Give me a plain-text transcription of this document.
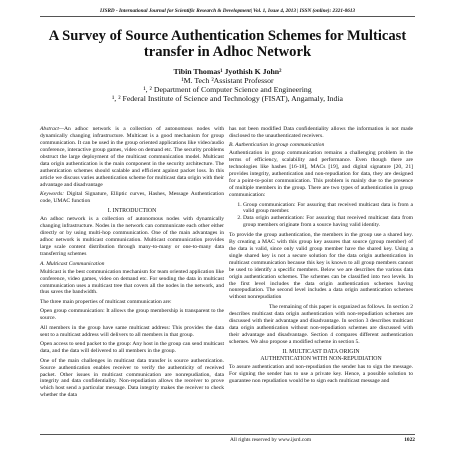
IJSRD - International Journal for Scientific Research & Development| Vol. 1, Issue 4, 2013 | ISSN (online): 2321-0613
A Survey of Source Authentication Schemes for Multicast transfer in Adhoc Network
Tibin Thomas¹ Jyothish K John²
¹M. Tech ²Assistant Professor
¹, ² Department of Computer Science and Engineering
¹, ² Federal Institute of Science and Technology (FISAT), Angamaly, India

Abstract—An adhoc network is a collection of autonomous nodes with dynamically changing infrastructure. Multicast is a good mechanism for group communication. It can be used in the group oriented applications like video/audio conference, interactive group games, video on demand etc. The security problems obstruct the large deployment of the multicast communication model. Multicast data origin authentication is the main component in the security architecture. The authentication schemes should scalable and efficient against packet loss. In this article we discuss varies authentication scheme for multicast data origin with their advantage and disadvantage

Keywords: Digital Signature, Elliptic curves, Hashes, Message Authentication code, UMAC function

I. INTRODUCTION

An adhoc network is a collection of autonomous nodes with dynamically changing infrastructure. Nodes in the network can communicate each other either directly or by using multi-hop communication. One of the main advantages in adhoc network is multicast communication. Multicast communication provides large scale content distribution through many-to-many or one-to-many data transferring schemes

A. Multicast Communication

Multicast is the best communication mechanism for team oriented application like conference, video games, video on demand etc. For sending the data in multicast communication uses a multicast tree that covers all the nodes in the network, and thus saves the bandwidth.

The three main properties of multicast communication are:

Open group communication: It allows the group membership is transparent to the source.

All members in the group have same multicast address: This provides the data sent to a multicast address will delivers to all members in that group.

Open access to send packet to the group: Any host in the group can send multicast data, and the data will delivered to all members in the group.

One of the main challenges in multicast data transfer is source authentication. Source authentication enables receiver to verify the authenticity of received packet. Other issues in multicast communication are nonrepudiation, data integrity and data confidentiality. Non-repudiation allows the receiver to prove which host send a particular message. Data integrity makes the receiver to check whether the data

has not been modified Data confidentiality allows the information is not made disclosed to the unauthenticated receivers.

B. Authentication in group communication

Authentication in group communication remains a challenging problem in the terms of efficiency, scalability and performance. Even though there are technologies like hashes [16-18], MACs [19], and digital signature [20, 21] provides integrity, authentication and non-repudiation for data, they are designed for a point-to-point communication. This problem is mainly due to the presence of multiple members in the group. There are two types of authentication in group communication:

1. Group communication: For assuring that received multicast data is from a valid group member.
2. Data origin authentication: For assuring that received multicast data from group members originate from a source having valid identity.

To provide the group authentication, the members in the group use a shared key. By creating a MAC with this group key assures that source (group member) of the data is valid, since only valid group member have the shared key. Using a single shared key is not a secure solution for the data origin authentication in multicast communication because this key is known to all group members cannot be used to identify a specific members. Below we are describes the various data origin authentication schemes. The schemes can be classified into two levels. In the first level includes the data origin authentication schemes having nonrepudiation. The second level includes a data origin authentication schemes without nonrepudiation

The remaining of this paper is organized as follows. In section 2 describes multicast data origin authentication with non-repudiation schemes are discussed with their advantage and disadvantage. In section 3 describes multicast data origin authentication without non-repudiation schemes are discussed with their advantage and disadvantage. Section 4 compares different authentication schemes. We also propose a modified scheme in section 5.

II. MULTICAST DATA ORIGIN
AUTHENTICATION WITH NON-REPUDIATION

To assure authentication and non-repudiation the sender has to sign the message. For signing the sender has to use a private key. Hence, a possible solution to guarantee non repudiation would be to sign each multicast message and

All rights reserved by www.ijsrd.com	1022
